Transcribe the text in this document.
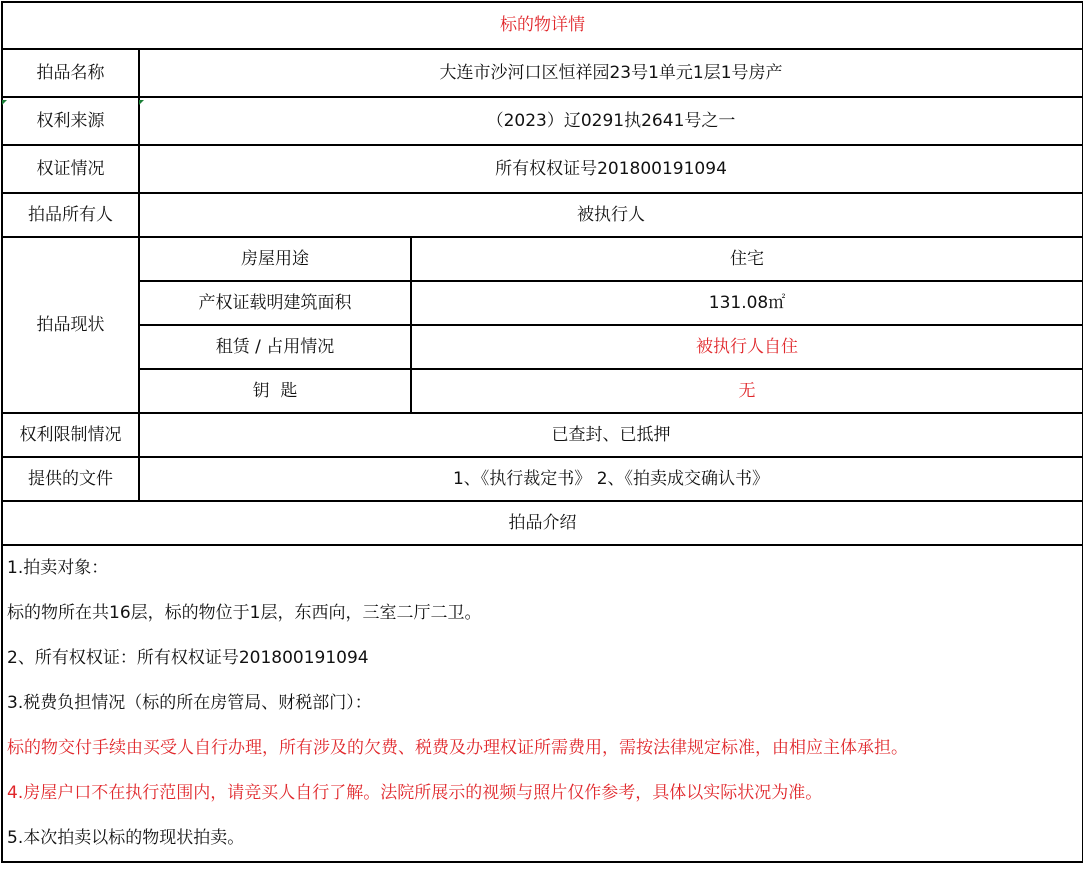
标的物详情		
拍品名称	大连市沙河口区恒祥园23号1单元1层1号房产	
权利来源	（2023）辽0291执2641号之一	
权证情况	所有权权证号201800191094	
拍品所有人	被执行人	
拍品现状	房屋用途	住宅
	产权证载明建筑面积	131.08㎡
	租赁 / 占用情况	被执行人自住
	钥  匙	无
权利限制情况	已查封、已抵押	
提供的文件	1、《执行裁定书》 2、《拍卖成交确认书》	
拍品介绍		
1.拍卖对象：		
标的物所在共16层，标的物位于1层，东西向，三室二厅二卫。		
2、所有权权证：所有权权证号201800191094		
3.税费负担情况（标的所在房管局、财税部门）：		
标的物交付手续由买受人自行办理，所有涉及的欠费、税费及办理权证所需费用，需按法律规定标准，由相应主体承担。		
4.房屋户口不在执行范围内，请竞买人自行了解。法院所展示的视频与照片仅作参考，具体以实际状况为准。		
5.本次拍卖以标的物现状拍卖。		
